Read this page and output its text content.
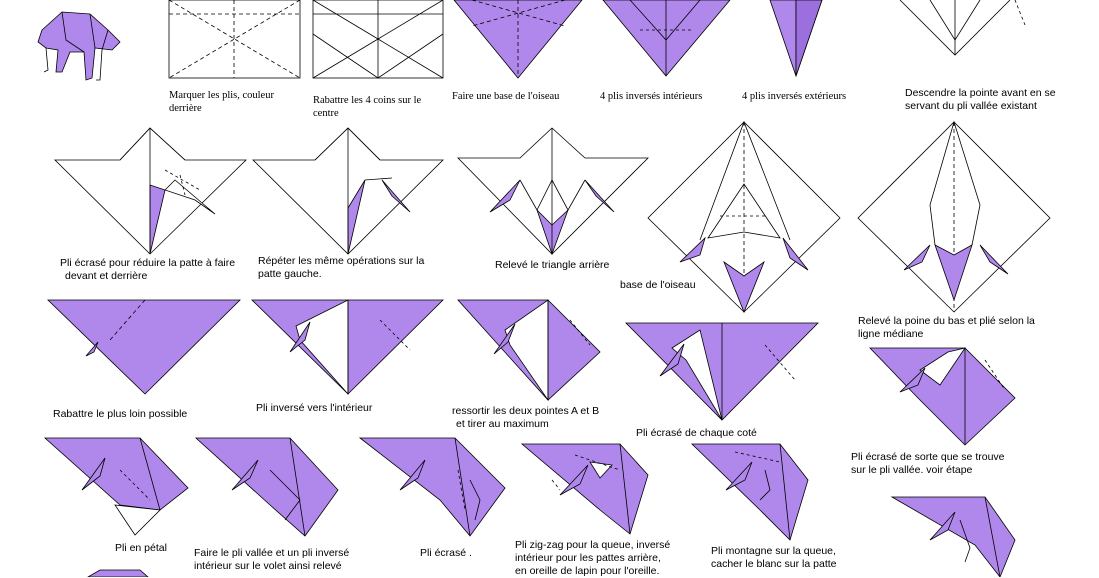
Marquer les plis, couleur
derrière
Rabattre les 4 coins sur le
centre
Faire une base de l'oiseau	4 plis inversés intérieurs	4 plis inversés extérieurs	Descendre la pointe avant en se
servant du pli vallée existant
Pli écrasé pour réduire la patte à faire
devant et derrière
Répéter les même opérations sur la
patte gauche.
Relevé le triangle arrière
base de l'oiseau
Relevé la poine du bas et plié selon la
ligne médiane
Rabattre le plus loin possible	Pli inversé vers l'intérieur	ressortir les deux pointes A et B
et tirer au maximum
Pli écrasé de chaque coté
Pli écrasé de sorte que se trouve
sur le pli vallée. voir étape
Pli en pétal	Faire le pli vallée et un pli inversé
intérieur sur le volet ainsi relevé
Pli écrasé .
Pli zig-zag pour la queue, inversé
intérieur pour les pattes arrière,
en oreille de lapin pour l'oreille.
Pli montagne sur la queue,
cacher le blanc sur la patte
